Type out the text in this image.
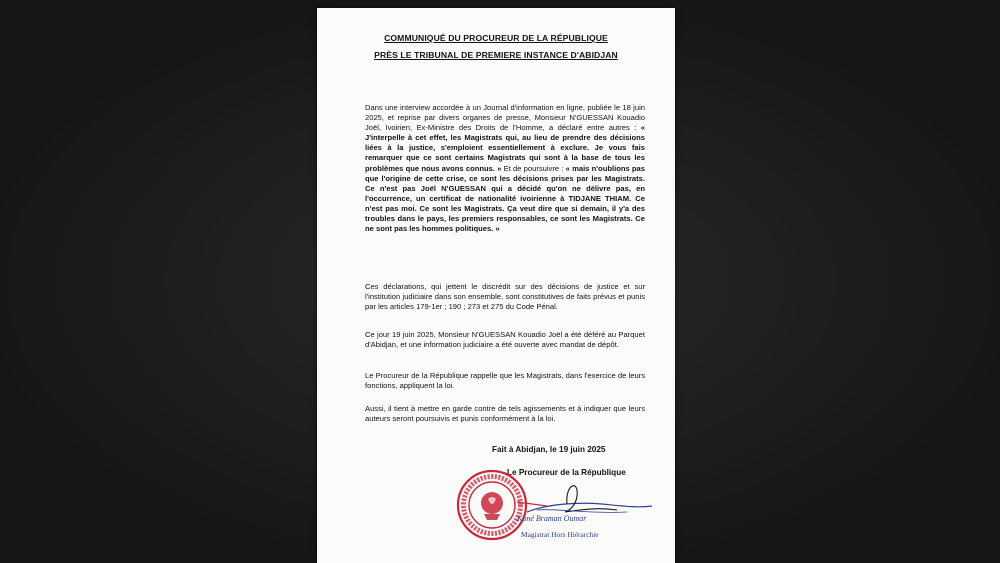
COMMUNIQUÉ DU PROCUREUR DE LA RÉPUBLIQUE
PRÈS LE TRIBUNAL DE PREMIERE INSTANCE D'ABIDJAN
Dans une interview accordée à un Journal d'information en ligne, publiée le 18 juin 2025, et reprise par divers organes de presse, Monsieur N'GUESSAN Kouadio Joël, Ivoirien, Ex-Ministre des Droits de l'Homme, a déclaré entre autres : « J'interpelle à cet effet, les Magistrats qui, au lieu de prendre des décisions liées à la justice, s'emploient essentiellement à exclure. Je vous fais remarquer que ce sont certains Magistrats qui sont à la base de tous les problèmes que nous avons connus. » Et de poursuivre : « mais n'oublions pas que l'origine de cette crise, ce sont les décisions prises par les Magistrats. Ce n'est pas Joël N'GUESSAN qui a décidé qu'on ne délivre pas, en l'occurrence, un certificat de nationalité ivoirienne à TIDJANE THIAM. Ce n'est pas moi. Ce sont les Magistrats. Ça veut dire que si demain, il y'a des troubles dans le pays, les premiers responsables, ce sont les Magistrats. Ce ne sont pas les hommes politiques. »
Ces déclarations, qui jettent le discrédit sur des décisions de justice et sur l'institution judiciaire dans son ensemble, sont constitutives de faits prévus et punis par les articles 179-1er ; 190 ; 273 et 275 du Code Pénal.
Ce jour 19 juin 2025, Monsieur N'GUESSAN Kouadio Joël a été déféré au Parquet d'Abidjan, et une information judiciaire a été ouverte avec mandat de dépôt.
Le Procureur de la République rappelle que les Magistrats, dans l'exercice de leurs fonctions, appliquent la loi.
Aussi, il tient à mettre en garde contre de tels agissements et à indiquer que leurs auteurs seront poursuivis et punis conformément à la loi.
Fait à Abidjan, le 19 juin 2025
Le Procureur de la République
Koné Braman Oumar
Magistrat Hors Hiérarchie
